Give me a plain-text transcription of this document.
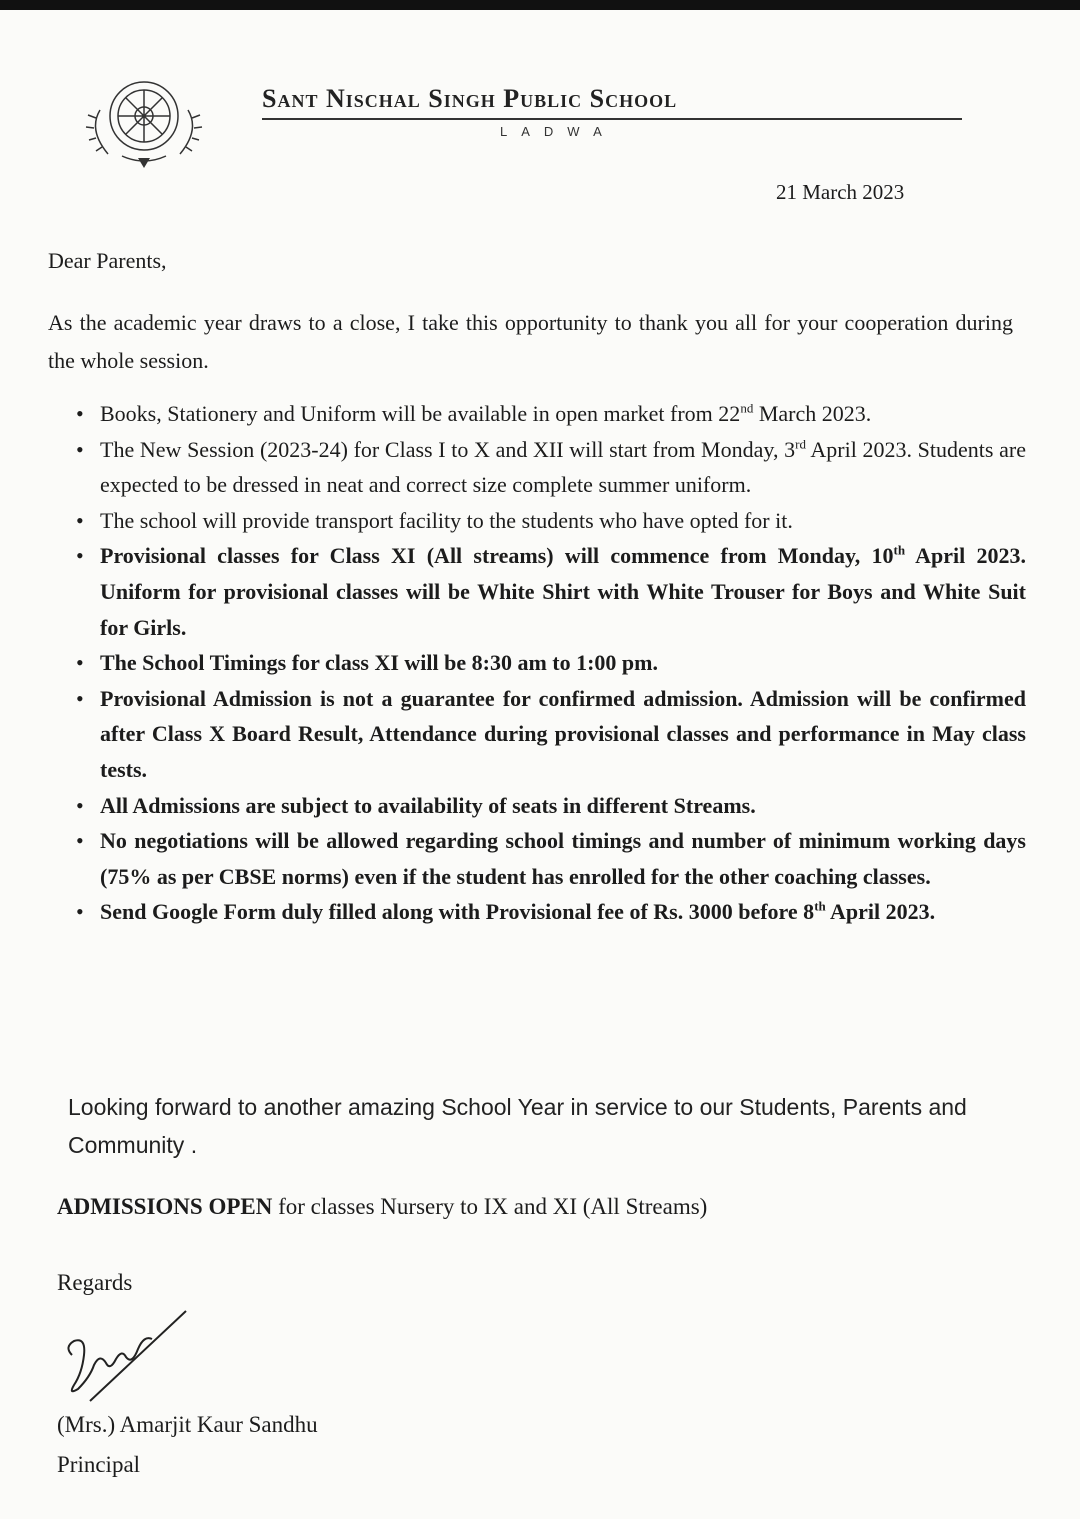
Sant Nischal Singh Public School
LADWA
21 March 2023
Dear Parents,
As the academic year draws to a close, I take this opportunity to thank you all for your cooperation during the whole session.
• Books, Stationery and Uniform will be available in open market from 22nd March 2023.
• The New Session (2023-24) for Class I to X and XII will start from Monday, 3rd April 2023. Students are expected to be dressed in neat and correct size complete summer uniform.
• The school will provide transport facility to the students who have opted for it.
• Provisional classes for Class XI (All streams) will commence from Monday, 10th April 2023. Uniform for provisional classes will be White Shirt with White Trouser for Boys and White Suit for Girls.
• The School Timings for class XI will be 8:30 am to 1:00 pm.
• Provisional Admission is not a guarantee for confirmed admission. Admission will be confirmed after Class X Board Result, Attendance during provisional classes and performance in May class tests.
• All Admissions are subject to availability of seats in different Streams.
• No negotiations will be allowed regarding school timings and number of minimum working days (75% as per CBSE norms) even if the student has enrolled for the other coaching classes.
• Send Google Form duly filled along with Provisional fee of Rs. 3000 before 8th April 2023.
Looking forward to another amazing School Year in service to our Students, Parents and Community .
ADMISSIONS OPEN for classes Nursery to IX and XI (All Streams)
Regards
(Mrs.) Amarjit Kaur Sandhu
Principal
